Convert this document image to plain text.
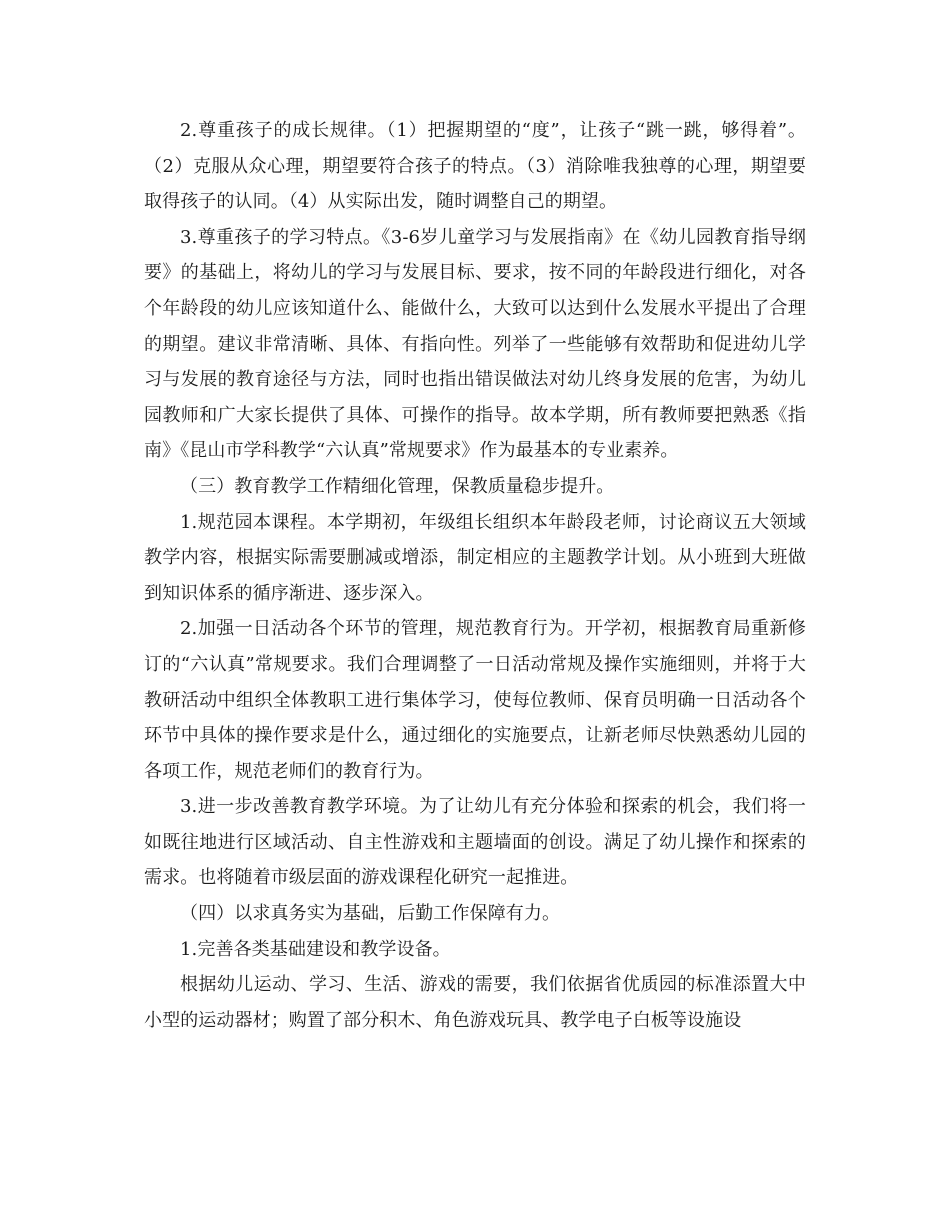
2.尊重孩子的成长规律。（1）把握期望的“度”，让孩子“跳一跳，够得着”。（2）克服从众心理，期望要符合孩子的特点。（3）消除唯我独尊的心理，期望要取得孩子的认同。（4）从实际出发，随时调整自己的期望。

3.尊重孩子的学习特点。《3-6岁儿童学习与发展指南》在《幼儿园教育指导纲要》的基础上，将幼儿的学习与发展目标、要求，按不同的年龄段进行细化，对各个年龄段的幼儿应该知道什么、能做什么，大致可以达到什么发展水平提出了合理的期望。建议非常清晰、具体、有指向性。列举了一些能够有效帮助和促进幼儿学习与发展的教育途径与方法，同时也指出错误做法对幼儿终身发展的危害，为幼儿园教师和广大家长提供了具体、可操作的指导。故本学期，所有教师要把熟悉《指南》《昆山市学科教学“六认真”常规要求》作为最基本的专业素养。

（三）教育教学工作精细化管理，保教质量稳步提升。

1.规范园本课程。本学期初，年级组长组织本年龄段老师，讨论商议五大领域教学内容，根据实际需要删减或增添，制定相应的主题教学计划。从小班到大班做到知识体系的循序渐进、逐步深入。

2.加强一日活动各个环节的管理，规范教育行为。开学初，根据教育局重新修订的“六认真”常规要求。我们合理调整了一日活动常规及操作实施细则，并将于大教研活动中组织全体教职工进行集体学习，使每位教师、保育员明确一日活动各个环节中具体的操作要求是什么，通过细化的实施要点，让新老师尽快熟悉幼儿园的各项工作，规范老师们的教育行为。

3.进一步改善教育教学环境。为了让幼儿有充分体验和探索的机会，我们将一如既往地进行区域活动、自主性游戏和主题墙面的创设。满足了幼儿操作和探索的需求。也将随着市级层面的游戏课程化研究一起推进。

（四）以求真务实为基础，后勤工作保障有力。

1.完善各类基础建设和教学设备。

根据幼儿运动、学习、生活、游戏的需要，我们依据省优质园的标准添置大中小型的运动器材；购置了部分积木、角色游戏玩具、教学电子白板等设施设
